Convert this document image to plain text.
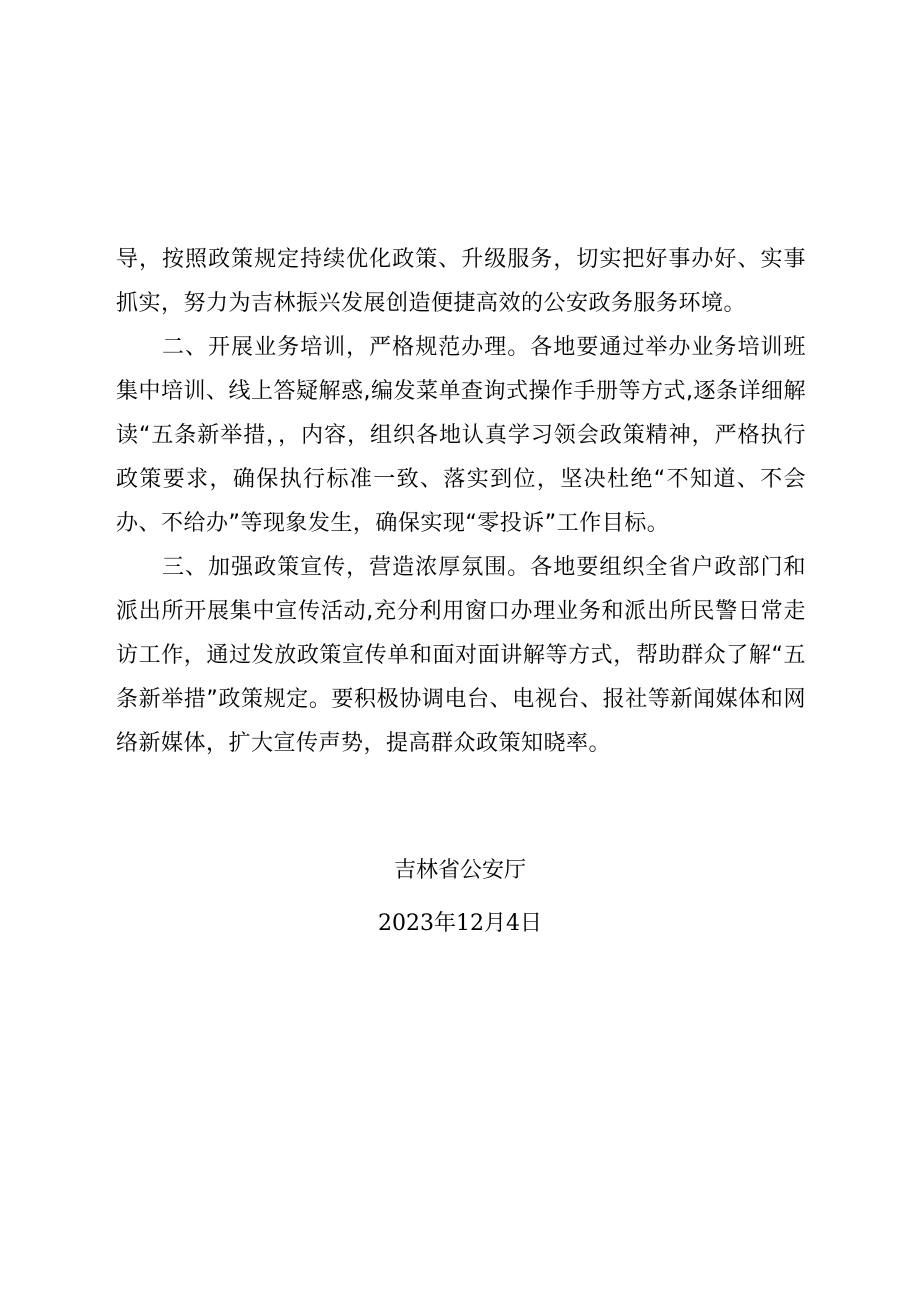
导，按照政策规定持续优化政策、升级服务，切实把好事办好、实事抓实，努力为吉林振兴发展创造便捷高效的公安政务服务环境。

二、开展业务培训，严格规范办理。各地要通过举办业务培训班集中培训、线上答疑解惑,编发菜单查询式操作手册等方式,逐条详细解读“五条新举措，，内容，组织各地认真学习领会政策精神，严格执行政策要求，确保执行标准一致、落实到位，坚决杜绝“不知道、不会办、不给办”等现象发生，确保实现“零投诉”工作目标。

三、加强政策宣传，营造浓厚氛围。各地要组织全省户政部门和派出所开展集中宣传活动,充分利用窗口办理业务和派出所民警日常走访工作，通过发放政策宣传单和面对面讲解等方式，帮助群众了解“五条新举措”政策规定。要积极协调电台、电视台、报社等新闻媒体和网络新媒体，扩大宣传声势，提高群众政策知晓率。

吉林省公安厅
2023年12月4日
